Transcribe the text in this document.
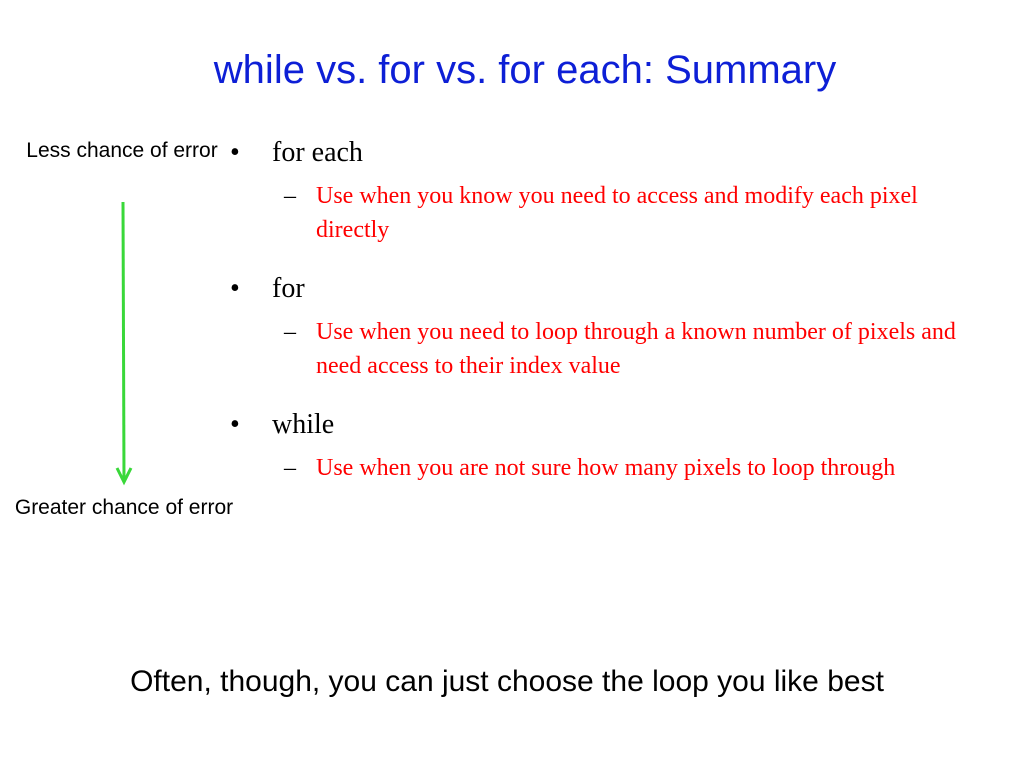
while vs. for vs. for each: Summary
Less chance of error
Greater chance of error
• for each
– Use when you know you need to access and modify each pixel directly
• for
– Use when you need to loop through a known number of pixels and need access to their index value
• while
– Use when you are not sure how many pixels to loop through
Often, though, you can just choose the loop you like best
